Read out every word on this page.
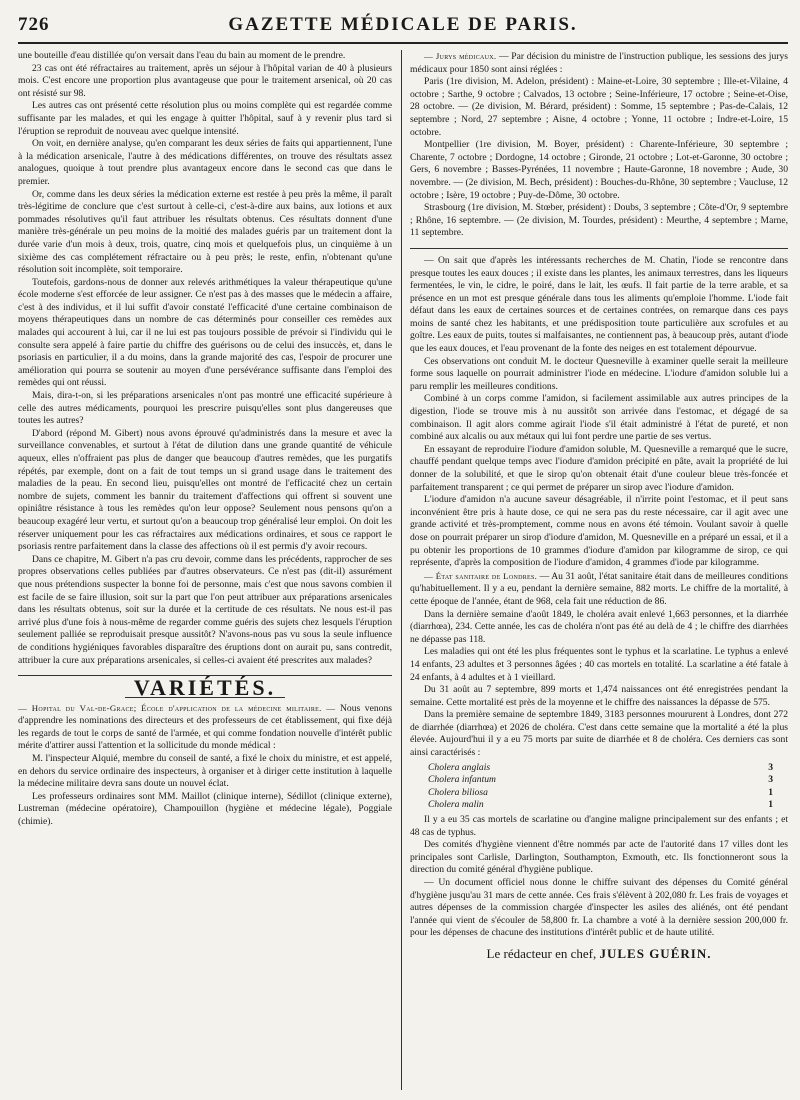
726	GAZETTE MÉDICALE DE PARIS.

une bouteille d'eau distillée qu'on versait dans l'eau du bain au moment de le prendre.

23 cas ont été réfractaires au traitement, après un séjour à l'hôpital varian de 40 à plusieurs mois. C'est encore une proportion plus avantageuse que pour le traitement arsenical, où 20 cas ont résisté sur 98.

Les autres cas ont présenté cette résolution plus ou moins complète qui est regardée comme suffisante par les malades, et qui les engage à quitter l'hôpital, sauf à y revenir plus tard si l'éruption se reproduit de nouveau avec quelque intensité.

On voit, en dernière analyse, qu'en comparant les deux séries de faits qui appartiennent, l'une à la médication arsenicale, l'autre à des médications différentes, on trouve des résultats assez analogues, quoique à tout prendre plus avantageux encore dans le second cas que dans le premier.

Or, comme dans les deux séries la médication externe est restée à peu près la même, il paraît très-légitime de conclure que c'est surtout à celle-ci, c'est-à-dire aux bains, aux lotions et aux pommades résolutives qu'il faut attribuer les résultats obtenus. Ces résultats donnent d'une manière très-générale un peu moins de la moitié des malades guéris par un traitement dont la durée varie d'un mois à deux, trois, quatre, cinq mois et quelquefois plus, un cinquième à un sixième des cas complétement réfractaire ou à peu près; le reste, enfin, n'obtenant qu'une résolution soit incomplète, soit temporaire.

Toutefois, gardons-nous de donner aux relevés arithmétiques la valeur thérapeutique qu'une école moderne s'est efforcée de leur assigner. Ce n'est pas à des masses que le médecin a affaire, c'est à des individus, et il lui suffit d'avoir constaté l'efficacité d'une certaine combinaison de moyens thérapeutiques dans un nombre de cas déterminés pour conseiller ces remèdes aux malades qui accourent à lui, car il ne lui est pas toujours possible de prévoir si l'individu qui le consulte sera appelé à faire partie du chiffre des guérisons ou de celui des insuccès, et, dans le psoriasis en particulier, il a du moins, dans la grande majorité des cas, l'espoir de procurer une amélioration qui pourra se soutenir au moyen d'une persévérance suffisante dans l'emploi des remèdes qui ont réussi.

Mais, dira-t-on, si les préparations arsenicales n'ont pas montré une efficacité supérieure à celle des autres médicaments, pourquoi les prescrire puisqu'elles sont plus dangereuses que toutes les autres?

D'abord (répond M. Gibert) nous avons éprouvé qu'administrés dans la mesure et avec la surveillance convenables, et surtout à l'état de dilution dans une grande quantité de véhicule aqueux, elles n'offraient pas plus de danger que beaucoup d'autres remèdes, que les purgatifs répétés, par exemple, dont on a fait de tout temps un si grand usage dans le traitement des maladies de la peau. En second lieu, puisqu'elles ont montré de l'efficacité chez un certain nombre de sujets, comment les bannir du traitement d'affections qui offrent si souvent une opiniâtre résistance à tous les remèdes qu'on leur oppose? Seulement nous pensons qu'on a beaucoup exagéré leur vertu, et surtout qu'on a beaucoup trop généralisé leur emploi. On doit les réserver uniquement pour les cas réfractaires aux médications ordinaires, et sous ce rapport le psoriasis rentre parfaitement dans la classe des affections où il est permis d'y avoir recours.

Dans ce chapitre, M. Gibert n'a pas cru devoir, comme dans les précédents, rapprocher de ses propres observations celles publiées par d'autres observateurs. Ce n'est pas (dit-il) assurément que nous prétendions suspecter la bonne foi de personne, mais c'est que nous savons combien il est facile de se faire illusion, soit sur la part que l'on peut attribuer aux préparations arsenicales dans les résultats obtenus, soit sur la durée et la certitude de ces résultats. Ne nous est-il pas arrivé plus d'une fois à nous-même de regarder comme guéris des sujets chez lesquels l'éruption seulement palliée se reproduisait presque aussitôt? N'avons-nous pas vu sous la seule influence de conditions hygiéniques favorables disparaître des éruptions dont on aurait pu, sans contredit, attribuer la cure aux préparations arsenicales, si celles-ci avaient été prescrites aux malades?

VARIÉTÉS.

— Hopital du Val-de-Grace; École d'application de la médecine militaire. — Nous venons d'apprendre les nominations des directeurs et des professeurs de cet établissement, qui fixe déjà les regards de tout le corps de santé de l'armée, et qui comme fondation nouvelle d'intérêt public mérite d'attirer aussi l'attention et la sollicitude du monde médical :

M. l'inspecteur Alquié, membre du conseil de santé, a fixé le choix du ministre, et est appelé, en dehors du service ordinaire des inspecteurs, à organiser et à diriger cette institution à laquelle la médecine militaire devra sans doute un nouvel éclat.

Les professeurs ordinaires sont MM. Maillot (clinique interne), Sédillot (clinique externe), Lustreman (médecine opératoire), Champouillon (hygiène et médecine légale), Poggiale (chimie).

— Jurys médicaux. — Par décision du ministre de l'instruction publique, les sessions des jurys médicaux pour 1850 sont ainsi réglées :

Paris (1re division, M. Adelon, président) : Maine-et-Loire, 30 septembre ; Ille-et-Vilaine, 4 octobre ; Sarthe, 9 octobre ; Calvados, 13 octobre ; Seine-Inférieure, 17 octobre ; Seine-et-Oise, 28 octobre. — (2e division, M. Bérard, président) : Somme, 15 septembre ; Pas-de-Calais, 12 septembre ; Nord, 27 septembre ; Aisne, 4 octobre ; Yonne, 11 octobre ; Indre-et-Loire, 15 octobre.

Montpellier (1re division, M. Boyer, président) : Charente-Inférieure, 30 septembre ; Charente, 7 octobre ; Dordogne, 14 octobre ; Gironde, 21 octobre ; Lot-et-Garonne, 30 octobre ; Gers, 6 novembre ; Basses-Pyrénées, 11 novembre ; Haute-Garonne, 18 novembre ; Aude, 30 novembre. — (2e division, M. Bech, président) : Bouches-du-Rhône, 30 septembre ; Vaucluse, 12 octobre ; Isère, 19 octobre ; Puy-de-Dôme, 30 octobre.

Strasbourg (1re division, M. Stœber, président) : Doubs, 3 septembre ; Côte-d'Or, 9 septembre ; Rhône, 16 septembre. — (2e division, M. Tourdes, président) : Meurthe, 4 septembre ; Marne, 11 septembre.

— On sait que d'après les intéressants recherches de M. Chatin, l'iode se rencontre dans presque toutes les eaux douces ; il existe dans les plantes, les animaux terrestres, dans les liqueurs fermentées, le vin, le cidre, le poiré, dans le lait, les œufs. Il fait partie de la terre arable, et sa présence en un mot est presque générale dans tous les aliments qu'emploie l'homme. L'iode fait défaut dans les eaux de certaines sources et de certaines contrées, on remarque dans ces pays moins de santé chez les habitants, et une prédisposition toute particulière aux scrofules et au goître. Les eaux de puits, toutes si malfaisantes, ne contiennent pas, à beaucoup près, autant d'iode que les eaux douces, et l'eau provenant de la fonte des neiges en est totalement dépourvue.

Ces observations ont conduit M. le docteur Quesneville à examiner quelle serait la meilleure forme sous laquelle on pourrait administrer l'iode en médecine. L'iodure d'amidon soluble lui a paru remplir les meilleures conditions.

Combiné à un corps comme l'amidon, si facilement assimilable aux autres principes de la digestion, l'iode se trouve mis à nu aussitôt son arrivée dans l'estomac, et dégagé de sa combinaison. Il agit alors comme agirait l'iode s'il était administré à l'état de pureté, et non combiné aux alcalis ou aux métaux qui lui font perdre une partie de ses vertus.

En essayant de reproduire l'iodure d'amidon soluble, M. Quesneville a remarqué que le sucre, chauffé pendant quelque temps avec l'iodure d'amidon précipité en pâte, avait la propriété de lui donner de la solubilité, et que le sirop qu'on obtenait était d'une couleur bleue très-foncée et parfaitement transparent ; ce qui permet de préparer un sirop avec l'iodure d'amidon.

L'iodure d'amidon n'a aucune saveur désagréable, il n'irrite point l'estomac, et il peut sans inconvénient être pris à haute dose, ce qui ne sera pas du reste nécessaire, car il agit avec une grande activité et très-promptement, comme nous en avons été témoin. Voulant savoir à quelle dose on pourrait préparer un sirop d'iodure d'amidon, M. Quesneville en a préparé un essai, et il a pu obtenir les proportions de 10 grammes d'iodure d'amidon par kilogramme de sirop, ce qui représente, d'après la composition de l'iodure d'amidon, 4 grammes d'iode par kilogramme.

— État sanitaire de Londres. — Au 31 août, l'état sanitaire était dans de meilleures conditions qu'habituellement. Il y a eu, pendant la dernière semaine, 882 morts. Le chiffre de la mortalité, à cette époque de l'année, étant de 968, cela fait une réduction de 86.

Dans la dernière semaine d'août 1849, le choléra avait enlevé 1,663 personnes, et la diarrhée (diarrhœa), 234. Cette année, les cas de choléra n'ont pas été au delà de 4 ; le chiffre des diarrhées ne dépasse pas 118.

Les maladies qui ont été les plus fréquentes sont le typhus et la scarlatine. Le typhus a enlevé 14 enfants, 23 adultes et 3 personnes âgées ; 40 cas mortels en totalité. La scarlatine a été fatale à 24 enfants, à 4 adultes et à 1 vieillard.

Du 31 août au 7 septembre, 899 morts et 1,474 naissances ont été enregistrées pendant la semaine. Cette mortalité est près de la moyenne et le chiffre des naissances la dépasse de 575.

Dans la première semaine de septembre 1849, 3183 personnes moururent à Londres, dont 272 de diarrhée (diarrhœa) et 2026 de choléra. C'est dans cette semaine que la mortalité a été la plus élevée. Aujourd'hui il y a eu 75 morts par suite de diarrhée et 8 de choléra. Ces derniers cas sont ainsi caractérisés :

Cholera anglais	3
Cholera infantum	3
Cholera biliosa	1
Cholera malin	1

Il y a eu 35 cas mortels de scarlatine ou d'angine maligne principalement sur des enfants ; et 48 cas de typhus.

Des comités d'hygiène viennent d'être nommés par acte de l'autorité dans 17 villes dont les principales sont Carlisle, Darlington, Southampton, Exmouth, etc. Ils fonctionneront sous la direction du comité général d'hygiène publique.

— Un document officiel nous donne le chiffre suivant des dépenses du Comité général d'hygiène jusqu'au 31 mars de cette année. Ces frais s'élèvent à 202,080 fr. Les frais de voyages et autres dépenses de la commission chargée d'inspecter les asiles des aliénés, ont été pendant l'année qui vient de s'écouler de 58,800 fr. La chambre a voté à la dernière session 200,000 fr. pour les dépenses de chacune des institutions d'intérêt public et de haute utilité.

Le rédacteur en chef, JULES GUÉRIN.
